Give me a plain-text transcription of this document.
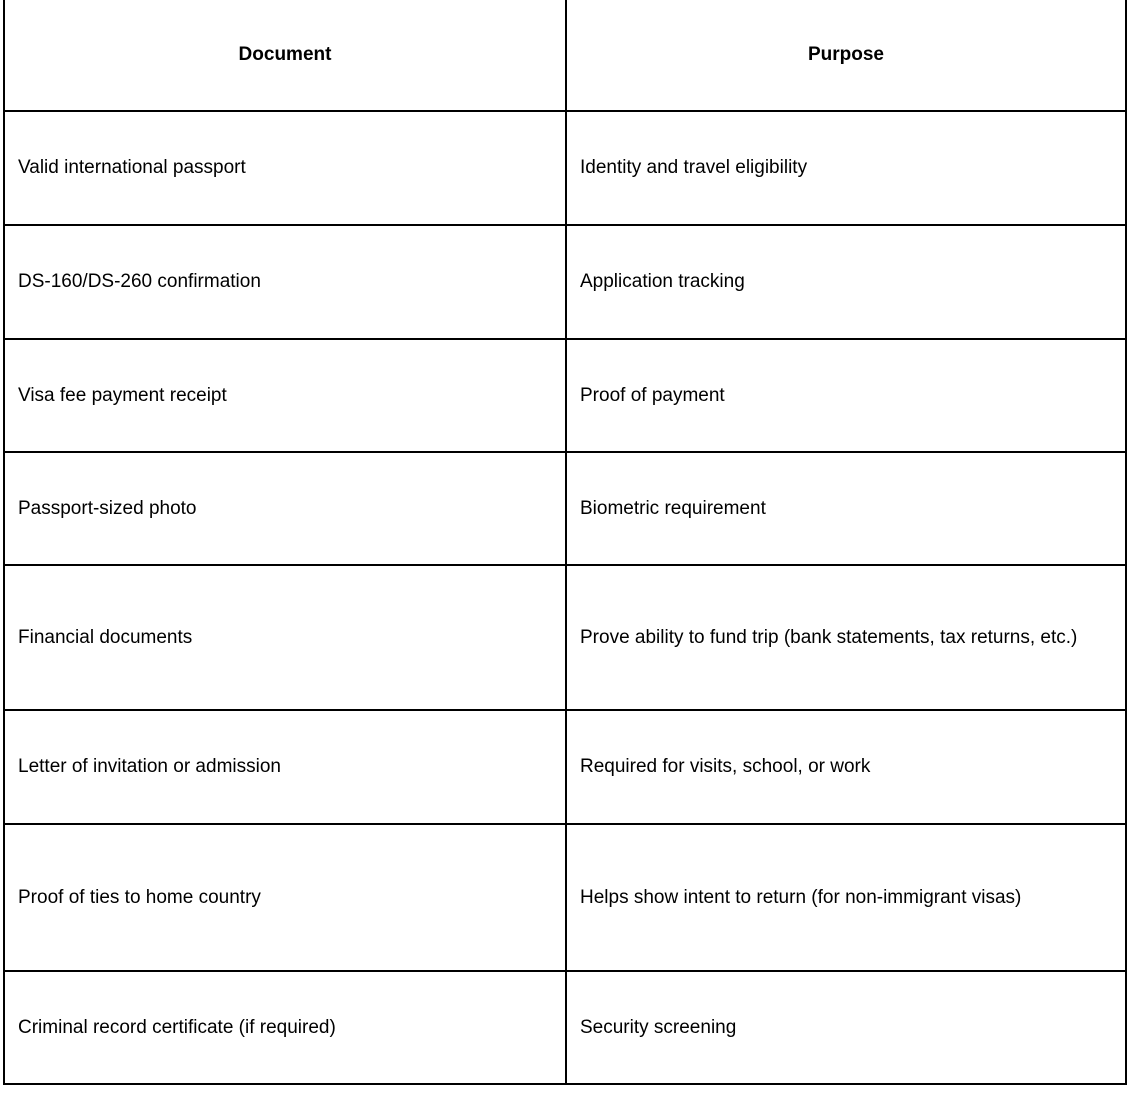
Document	Purpose
Valid international passport	Identity and travel eligibility
DS-160/DS-260 confirmation	Application tracking
Visa fee payment receipt	Proof of payment
Passport-sized photo	Biometric requirement
Financial documents	Prove ability to fund trip (bank statements, tax returns, etc.)
Letter of invitation or admission	Required for visits, school, or work
Proof of ties to home country	Helps show intent to return (for non-immigrant visas)
Criminal record certificate (if required)	Security screening
